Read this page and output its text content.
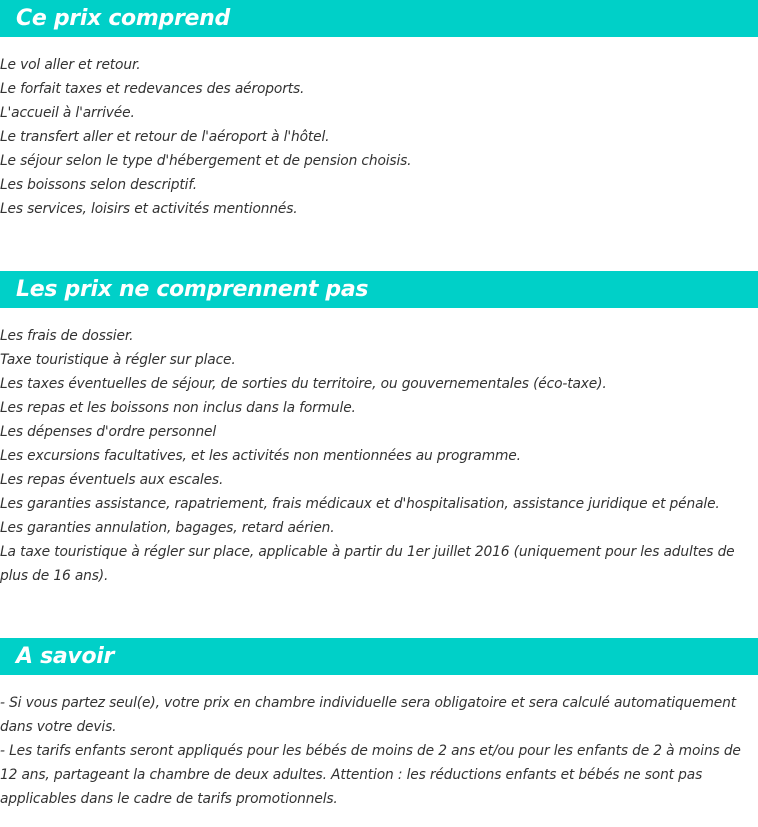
Ce prix comprend

Le vol aller et retour.

Le forfait taxes et redevances des aéroports.

L'accueil à l'arrivée.

Le transfert aller et retour de l'aéroport à l'hôtel.

Le séjour selon le type d'hébergement et de pension choisis.

Les boissons selon descriptif.

Les services, loisirs et activités mentionnés.

Les prix ne comprennent pas

Les frais de dossier.

Taxe touristique à régler sur place.

Les taxes éventuelles de séjour, de sorties du territoire, ou gouvernementales (éco-taxe).

Les repas et les boissons non inclus dans la formule.

Les dépenses d'ordre personnel

Les excursions facultatives, et les activités non mentionnées au programme.

Les repas éventuels aux escales.

Les garanties assistance, rapatriement, frais médicaux et d'hospitalisation, assistance juridique et pénale.

Les garanties annulation, bagages, retard aérien.

La taxe touristique à régler sur place, applicable à partir du 1er juillet 2016 (uniquement pour les adultes de plus de 16 ans).

A savoir

- Si vous partez seul(e), votre prix en chambre individuelle sera obligatoire et sera calculé automatiquement dans votre devis.

- Les tarifs enfants seront appliqués pour les bébés de moins de 2 ans et/ou pour les enfants de 2 à moins de 12 ans, partageant la chambre de deux adultes. Attention : les réductions enfants et bébés ne sont pas applicables dans le cadre de tarifs promotionnels.
